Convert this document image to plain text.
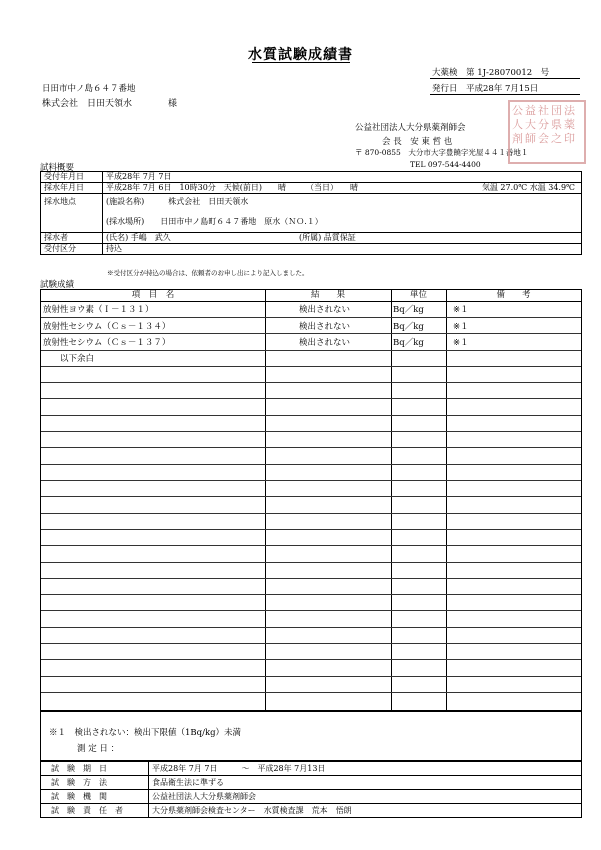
水質試験成績書
大薬検　第 1J-28070012　号
発行日　平成28年 7月15日
日田市中ノ島６４７番地
株式会社　日田天領水　　　　様
公益社団法人大分県薬剤師会
会 長　安 東 哲 也
〒 870-0855　大分市大字豊饒字光屋４４１番地１
TEL 097-544-4400
公益社団法人大分県薬剤師会之印
試料概要
受付年月日	平成28年 7月 7日
採水年月日	平成28年 7月 6日　10時30分　天候(前日)　　晴　　　（当日）　　晴 気温 27.0℃ 水温 34.9℃

採水地点	(施設名称)　　　株式会社　日田天領水
(採水場所)　　日田市中ノ島町６４７番地　原水（ＮＯ.１）

採水者	(氏名) 手嶋　武久 (所属) 品質保証

受付区分	持込
※受付区分が持込の場合は、依頼者のお申し出により記入しました。
試験成績
項　目　名	結　　果	単位	備　　考
放射性ヨウ素（Ｉ－１３１）	検出されない	Bq／kg	※１
放射性セシウム（Ｃｓ－１３４）	検出されない	Bq／kg	※１
放射性セシウム（Ｃｓ－１３７）	検出されない	Bq／kg	※１
　　以下余白
※１　検出されない：検出下限値（1Bq/kg）未満
測 定 日 ：
試　験　期　日	平成28年 7月 7日　　　～　平成28年 7月13日
試　験　方　法	食品衛生法に準ずる
試　験　機　関	公益社団法人大分県薬剤師会
試　験　責　任　者	大分県薬剤師会検査センター　水質検査課　荒本　悟朗
